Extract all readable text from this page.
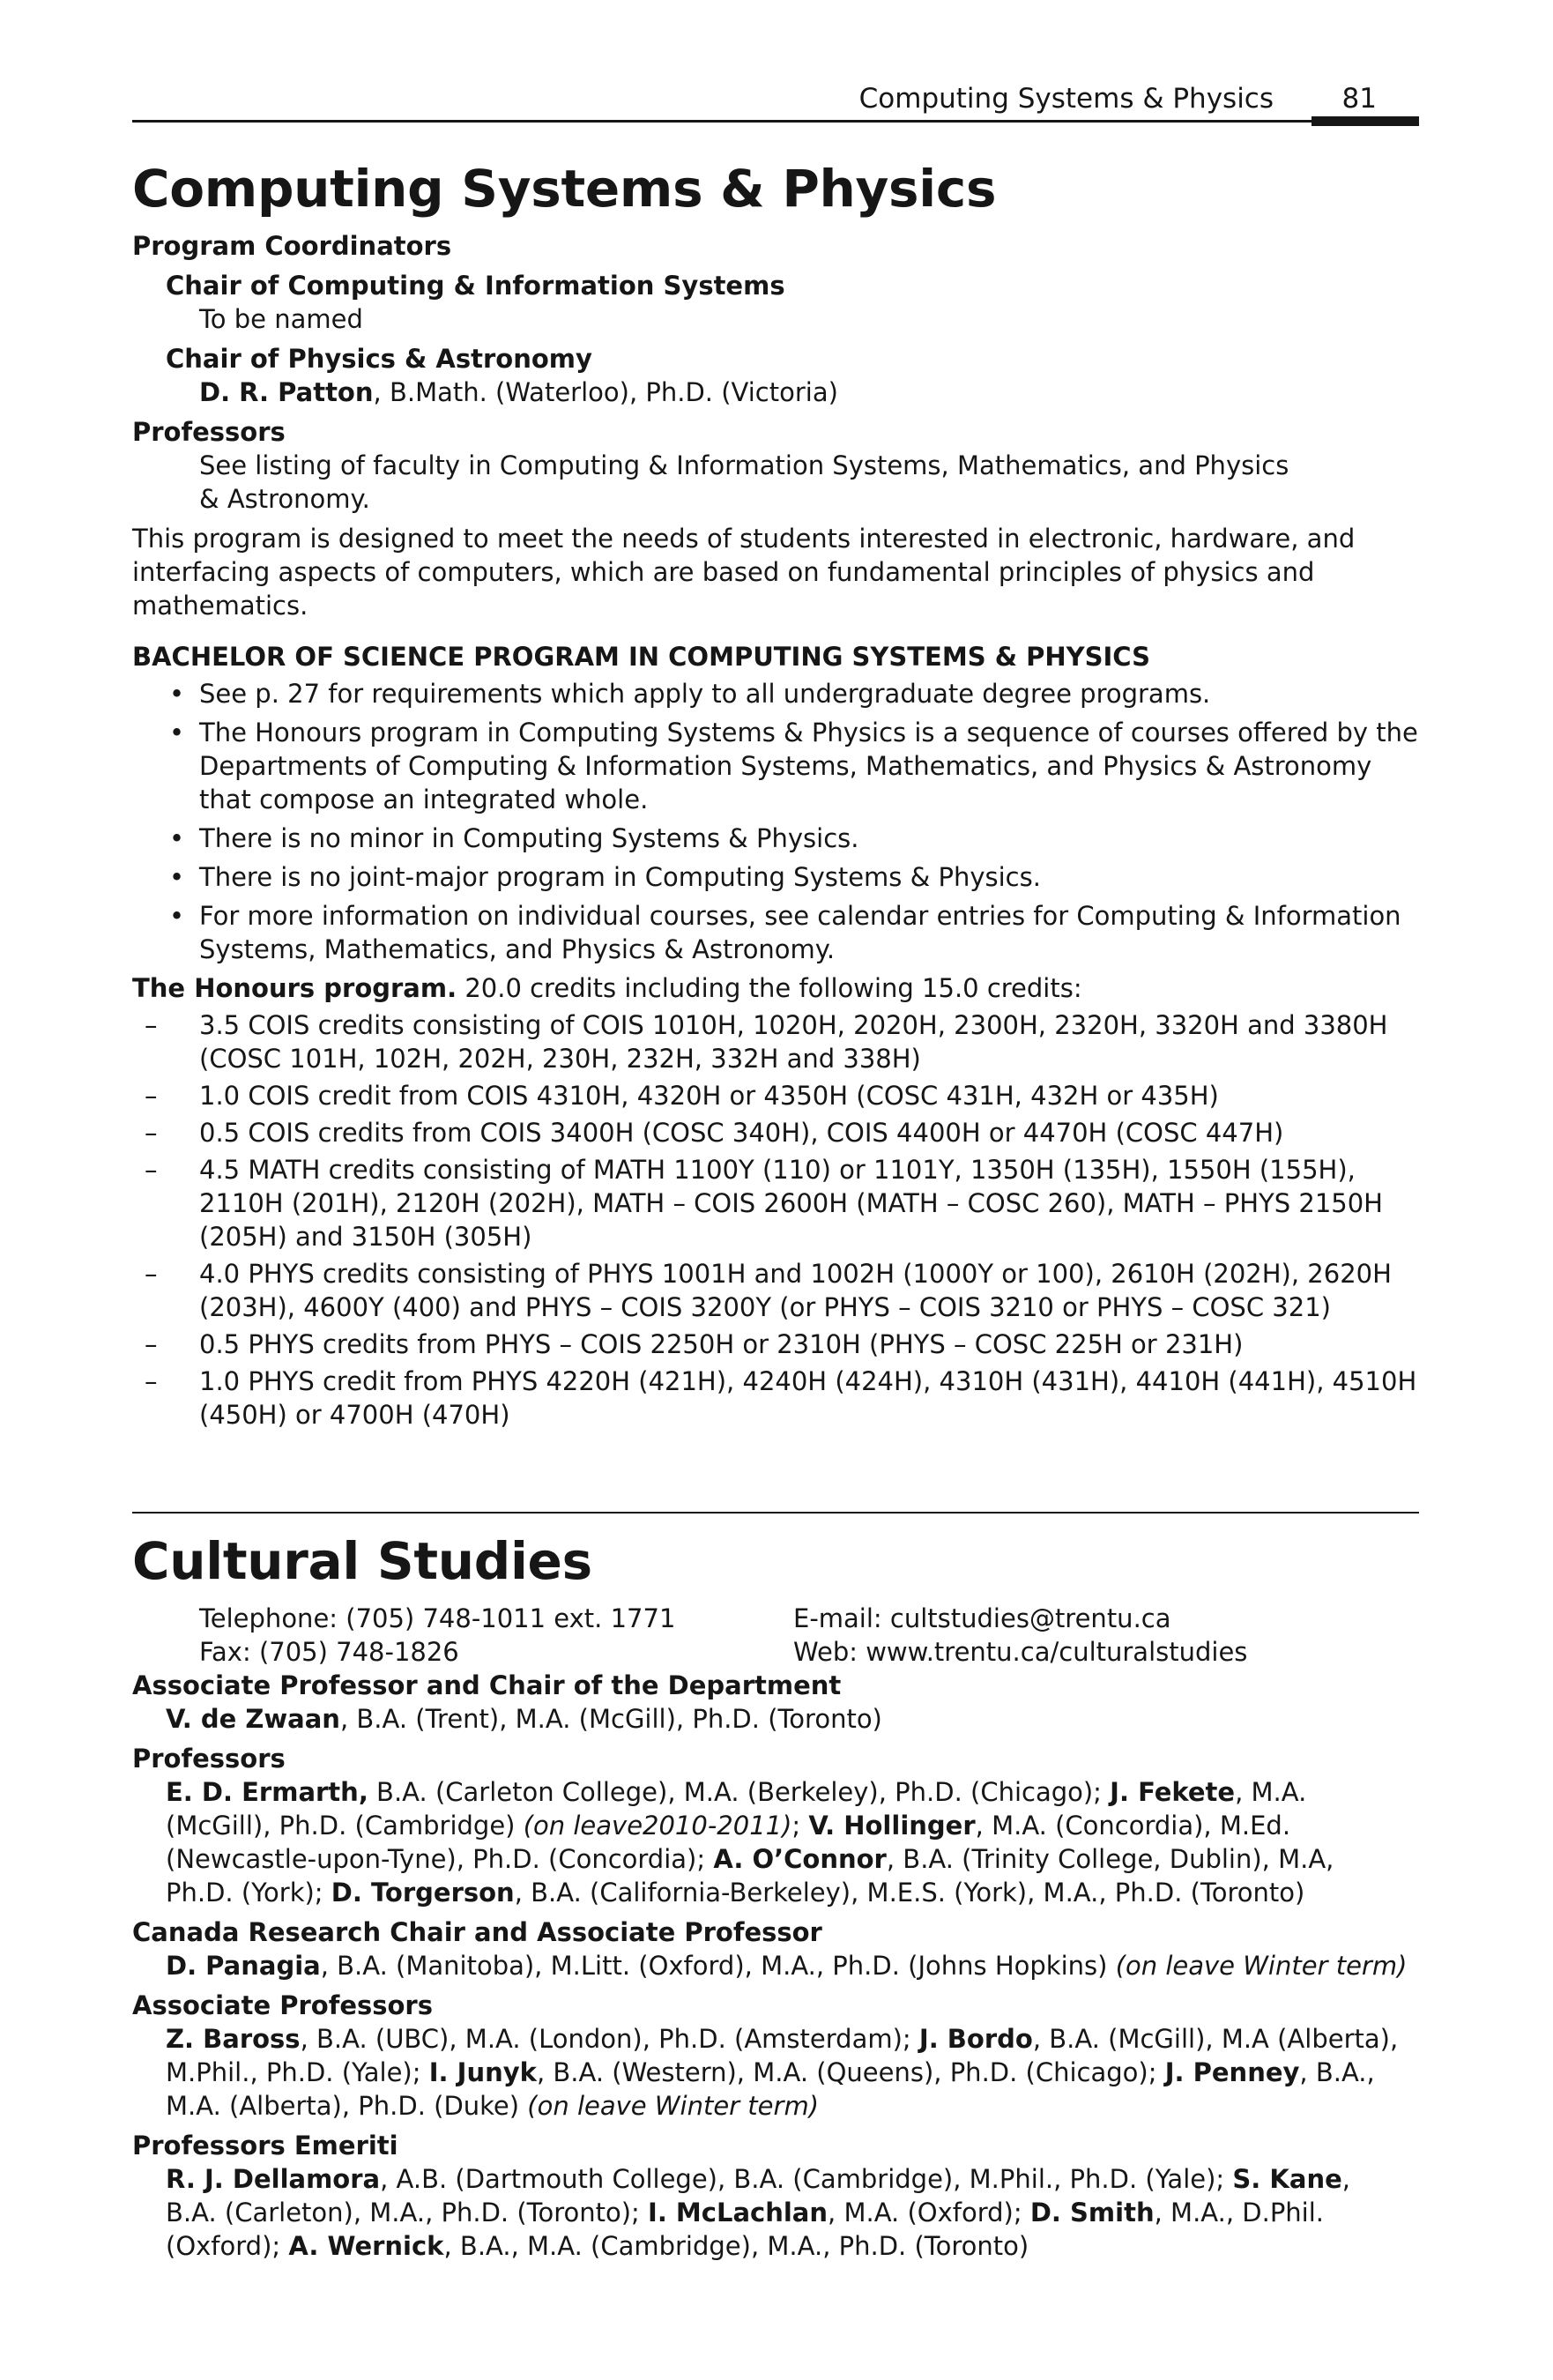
Computing Systems & Physics	81
Computing Systems & Physics

Program Coordinators

Chair of Computing & Information Systems

To be named

Chair of Physics & Astronomy

D. R. Patton, B.Math. (Waterloo), Ph.D. (Victoria)

Professors

See listing of faculty in Computing & Information Systems, Mathematics, and Physics & Astronomy.

This program is designed to meet the needs of students interested in electronic, hardware, and interfacing aspects of computers, which are based on fundamental principles of physics and mathematics.

BACHELOR OF SCIENCE PROGRAM IN COMPUTING SYSTEMS & PHYSICS

• See p. 27 for requirements which apply to all undergraduate degree programs.
• The Honours program in Computing Systems & Physics is a sequence of courses offered by the Departments of Computing & Information Systems, Mathematics, and Physics & Astronomy that compose an integrated whole.
• There is no minor in Computing Systems & Physics.
• There is no joint-major program in Computing Systems & Physics.
• For more information on individual courses, see calendar entries for Computing & Information Systems, Mathematics, and Physics & Astronomy.

The Honours program. 20.0 credits including the following 15.0 credits:

– 3.5 COIS credits consisting of COIS 1010H, 1020H, 2020H, 2300H, 2320H, 3320H and 3380H (COSC 101H, 102H, 202H, 230H, 232H, 332H and 338H)
– 1.0 COIS credit from COIS 4310H, 4320H or 4350H (COSC 431H, 432H or 435H)
– 0.5 COIS credits from COIS 3400H (COSC 340H), COIS 4400H or 4470H (COSC 447H)
– 4.5 MATH credits consisting of MATH 1100Y (110) or 1101Y, 1350H (135H), 1550H (155H), 2110H (201H), 2120H (202H), MATH – COIS 2600H (MATH – COSC 260), MATH – PHYS 2150H (205H) and 3150H (305H)
– 4.0 PHYS credits consisting of PHYS 1001H and 1002H (1000Y or 100), 2610H (202H), 2620H (203H), 4600Y (400) and PHYS – COIS 3200Y (or PHYS – COIS 3210 or PHYS – COSC 321)
– 0.5 PHYS credits from PHYS – COIS 2250H or 2310H (PHYS – COSC 225H or 231H)
– 1.0 PHYS credit from PHYS 4220H (421H), 4240H (424H), 4310H (431H), 4410H (441H), 4510H (450H) or 4700H (470H)
Cultural Studies
Telephone: (705) 748-1011 ext. 1771
Fax: (705) 748-1826
E-mail: cultstudies@trentu.ca
Web: www.trentu.ca/culturalstudies

Associate Professor and Chair of the Department

V. de Zwaan, B.A. (Trent), M.A. (McGill), Ph.D. (Toronto)

Professors

E. D. Ermarth, B.A. (Carleton College), M.A. (Berkeley), Ph.D. (Chicago); J. Fekete, M.A. (McGill), Ph.D. (Cambridge) (on leave2010-2011); V. Hollinger, M.A. (Concordia), M.Ed. (Newcastle-upon-Tyne), Ph.D. (Concordia); A. O’Connor, B.A. (Trinity College, Dublin), M.A, Ph.D. (York); D. Torgerson, B.A. (California-Berkeley), M.E.S. (York), M.A., Ph.D. (Toronto)

Canada Research Chair and Associate Professor

D. Panagia, B.A. (Manitoba), M.Litt. (Oxford), M.A., Ph.D. (Johns Hopkins) (on leave Winter term)

Associate Professors

Z. Baross, B.A. (UBC), M.A. (London), Ph.D. (Amsterdam); J. Bordo, B.A. (McGill), M.A (Alberta), M.Phil., Ph.D. (Yale); I. Junyk, B.A. (Western), M.A. (Queens), Ph.D. (Chicago); J. Penney, B.A., M.A. (Alberta), Ph.D. (Duke) (on leave Winter term)

Professors Emeriti

R. J. Dellamora, A.B. (Dartmouth College), B.A. (Cambridge), M.Phil., Ph.D. (Yale); S. Kane, B.A. (Carleton), M.A., Ph.D. (Toronto); I. McLachlan, M.A. (Oxford); D. Smith, M.A., D.Phil. (Oxford); A. Wernick, B.A., M.A. (Cambridge), M.A., Ph.D. (Toronto)
